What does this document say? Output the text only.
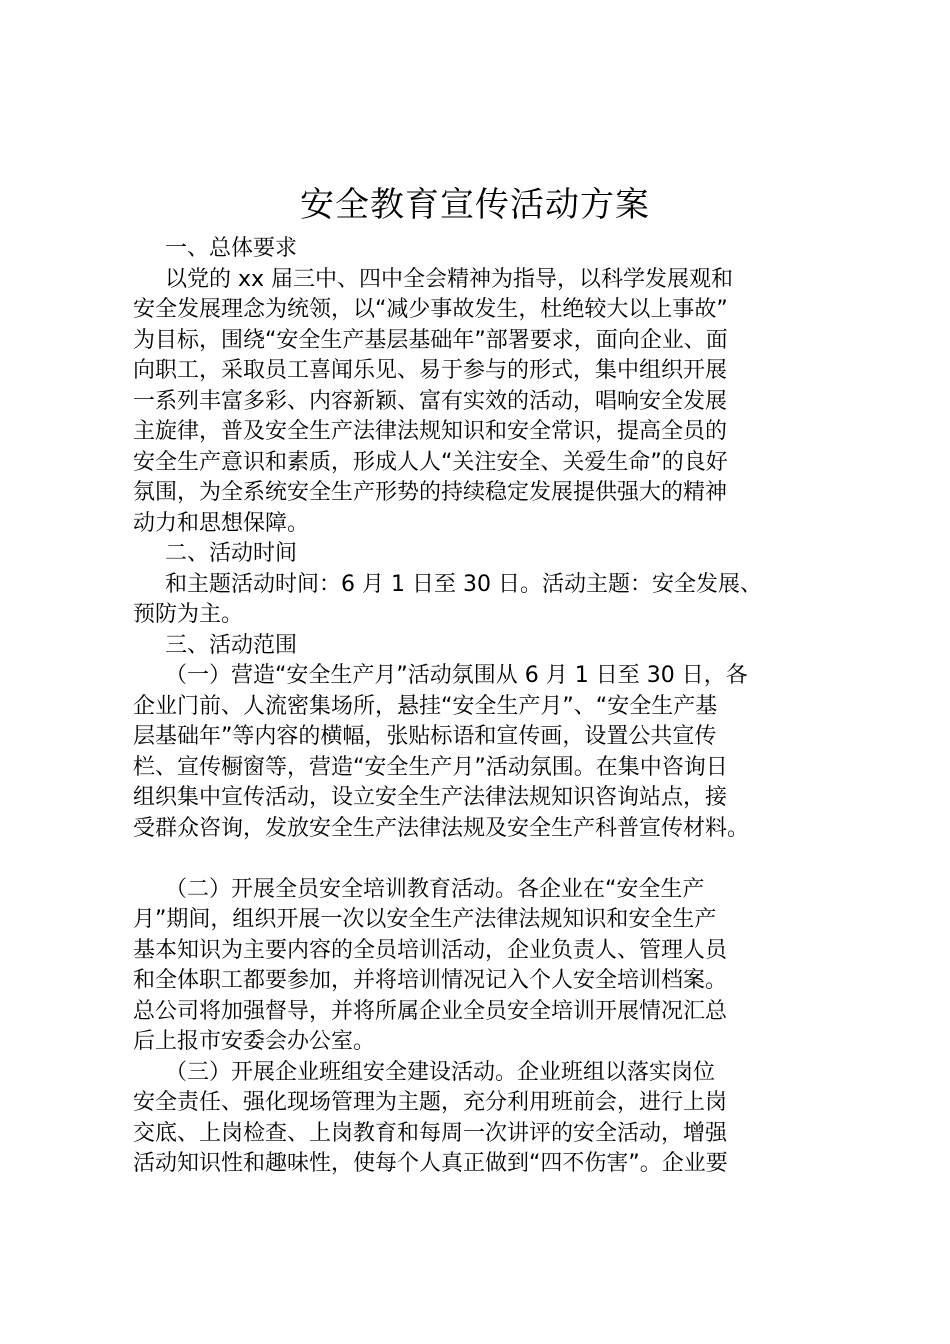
安全教育宣传活动方案
一、总体要求
以党的 xx 届三中、四中全会精神为指导，以科学发展观和
安全发展理念为统领，以“减少事故发生，杜绝较大以上事故”
为目标，围绕“安全生产基层基础年”部署要求，面向企业、面
向职工，采取员工喜闻乐见、易于参与的形式，集中组织开展
一系列丰富多彩、内容新颖、富有实效的活动，唱响安全发展
主旋律，普及安全生产法律法规知识和安全常识，提高全员的
安全生产意识和素质，形成人人“关注安全、关爱生命”的良好
氛围，为全系统安全生产形势的持续稳定发展提供强大的精神
动力和思想保障。
二、活动时间
和主题活动时间：6 月 1 日至 30 日。活动主题：安全发展、
预防为主。
三、活动范围
（一）营造“安全生产月”活动氛围从 6 月 1 日至 30 日，各
企业门前、人流密集场所，悬挂“安全生产月”、“安全生产基
层基础年”等内容的横幅，张贴标语和宣传画，设置公共宣传
栏、宣传橱窗等，营造“安全生产月”活动氛围。在集中咨询日
组织集中宣传活动，设立安全生产法律法规知识咨询站点，接
受群众咨询，发放安全生产法律法规及安全生产科普宣传材料。
（二）开展全员安全培训教育活动。各企业在“安全生产
月”期间，组织开展一次以安全生产法律法规知识和安全生产
基本知识为主要内容的全员培训活动，企业负责人、管理人员
和全体职工都要参加，并将培训情况记入个人安全培训档案。
总公司将加强督导，并将所属企业全员安全培训开展情况汇总
后上报市安委会办公室。
（三）开展企业班组安全建设活动。企业班组以落实岗位
安全责任、强化现场管理为主题，充分利用班前会，进行上岗
交底、上岗检查、上岗教育和每周一次讲评的安全活动，增强
活动知识性和趣味性，使每个人真正做到“四不伤害”。企业要
